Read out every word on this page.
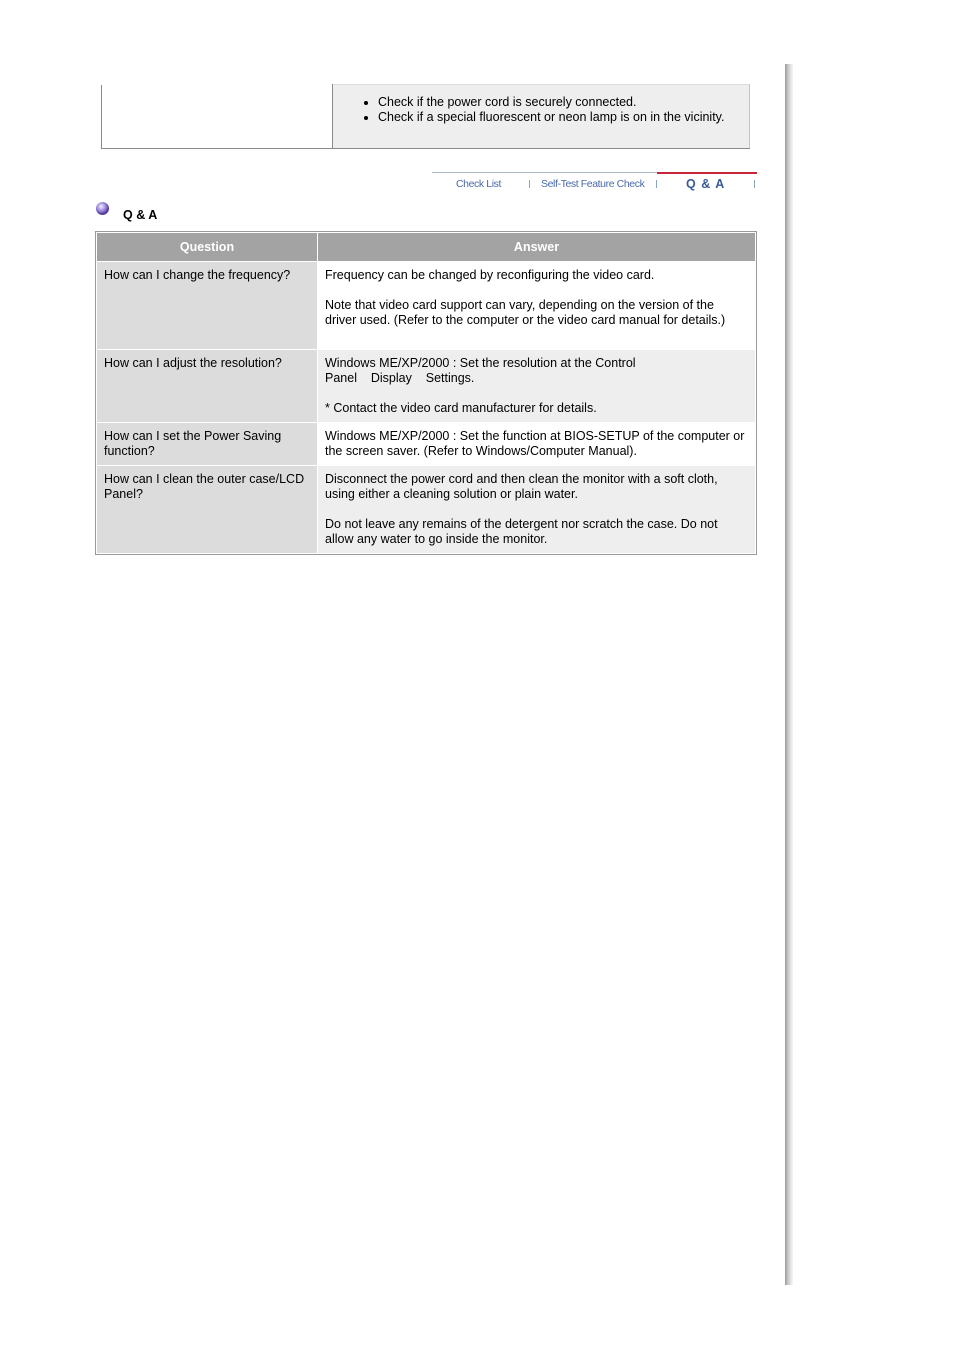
• Check if the power cord is securely connected.
• Check if a special fluorescent or neon lamp is on in the vicinity.
Check List	Self-Test Feature Check	Q & A
Q & A
Question	Answer
How can I change the frequency?	Frequency can be changed by reconfiguring the video card.

Note that video card support can vary, depending on the version of the driver used. (Refer to the computer or the video card manual for details.)

How can I adjust the resolution?	Windows ME/XP/2000 : Set the resolution at the Control Panel    Display    Settings.

* Contact the video card manufacturer for details.

How can I set the Power Saving function?	Windows ME/XP/2000 : Set the function at BIOS-SETUP of the computer or the screen saver. (Refer to Windows/Computer Manual).

How can I clean the outer case/LCD Panel?	Disconnect the power cord and then clean the monitor with a soft cloth, using either a cleaning solution or plain water.

Do not leave any remains of the detergent nor scratch the case. Do not allow any water to go inside the monitor.
